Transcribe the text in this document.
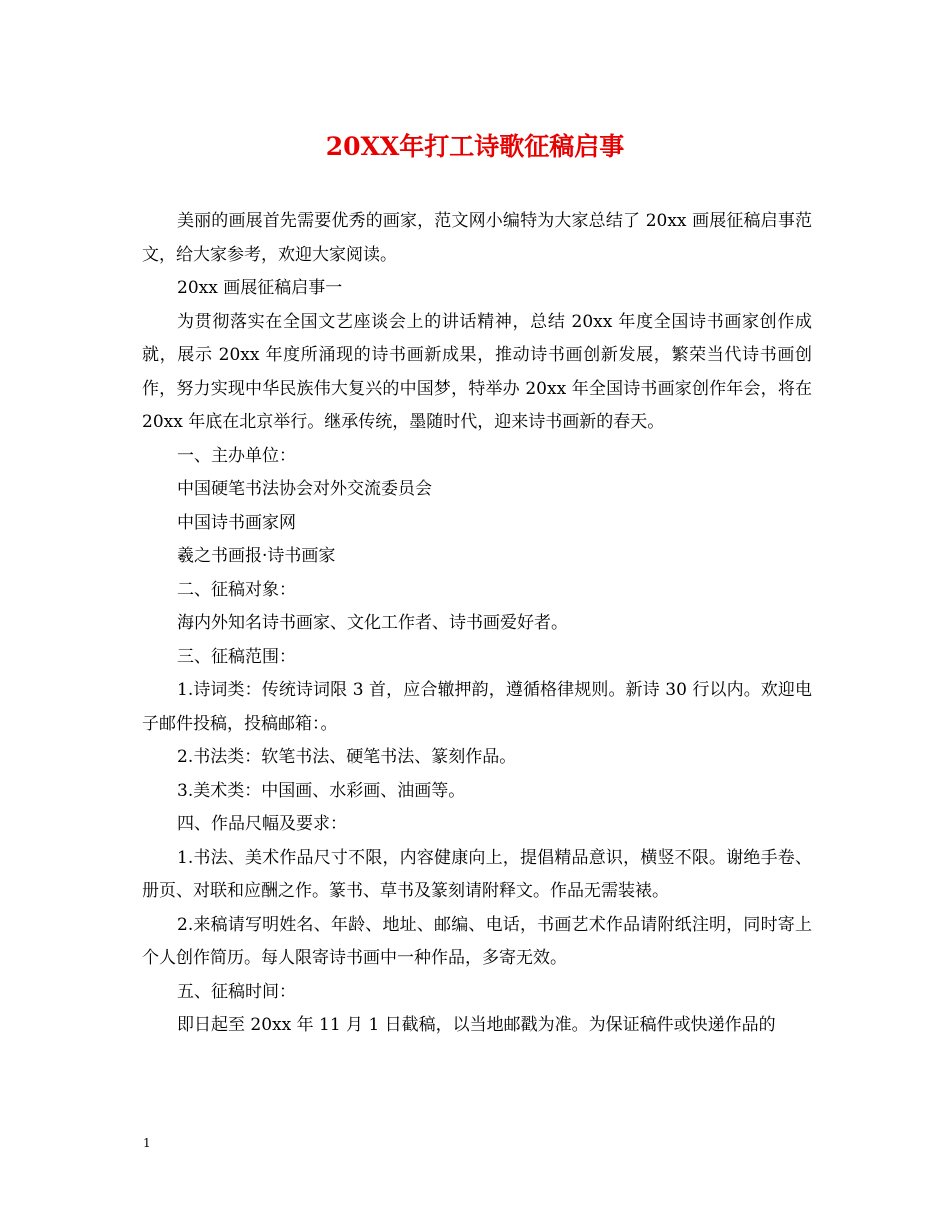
20XX年打工诗歌征稿启事

美丽的画展首先需要优秀的画家，范文网小编特为大家总结了 20xx 画展征稿启事范文，给大家参考，欢迎大家阅读。

20xx 画展征稿启事一

为贯彻落实在全国文艺座谈会上的讲话精神，总结 20xx 年度全国诗书画家创作成就，展示 20xx 年度所涌现的诗书画新成果，推动诗书画创新发展，繁荣当代诗书画创作，努力实现中华民族伟大复兴的中国梦，特举办 20xx 年全国诗书画家创作年会，将在 20xx 年底在北京举行。继承传统，墨随时代，迎来诗书画新的春天。

一、主办单位：

中国硬笔书法协会对外交流委员会

中国诗书画家网

羲之书画报·诗书画家

二、征稿对象：

海内外知名诗书画家、文化工作者、诗书画爱好者。

三、征稿范围：

1.诗词类：传统诗词限 3 首，应合辙押韵，遵循格律规则。新诗 30 行以内。欢迎电子邮件投稿，投稿邮箱：。

2.书法类：软笔书法、硬笔书法、篆刻作品。

3.美术类：中国画、水彩画、油画等。

四、作品尺幅及要求：

1.书法、美术作品尺寸不限，内容健康向上，提倡精品意识，横竖不限。谢绝手卷、册页、对联和应酬之作。篆书、草书及篆刻请附释文。作品无需装裱。

2.来稿请写明姓名、年龄、地址、邮编、电话，书画艺术作品请附纸注明，同时寄上个人创作简历。每人限寄诗书画中一种作品，多寄无效。

五、征稿时间：

即日起至 20xx 年 11 月 1 日截稿，以当地邮戳为准。为保证稿件或快递作品的

1
